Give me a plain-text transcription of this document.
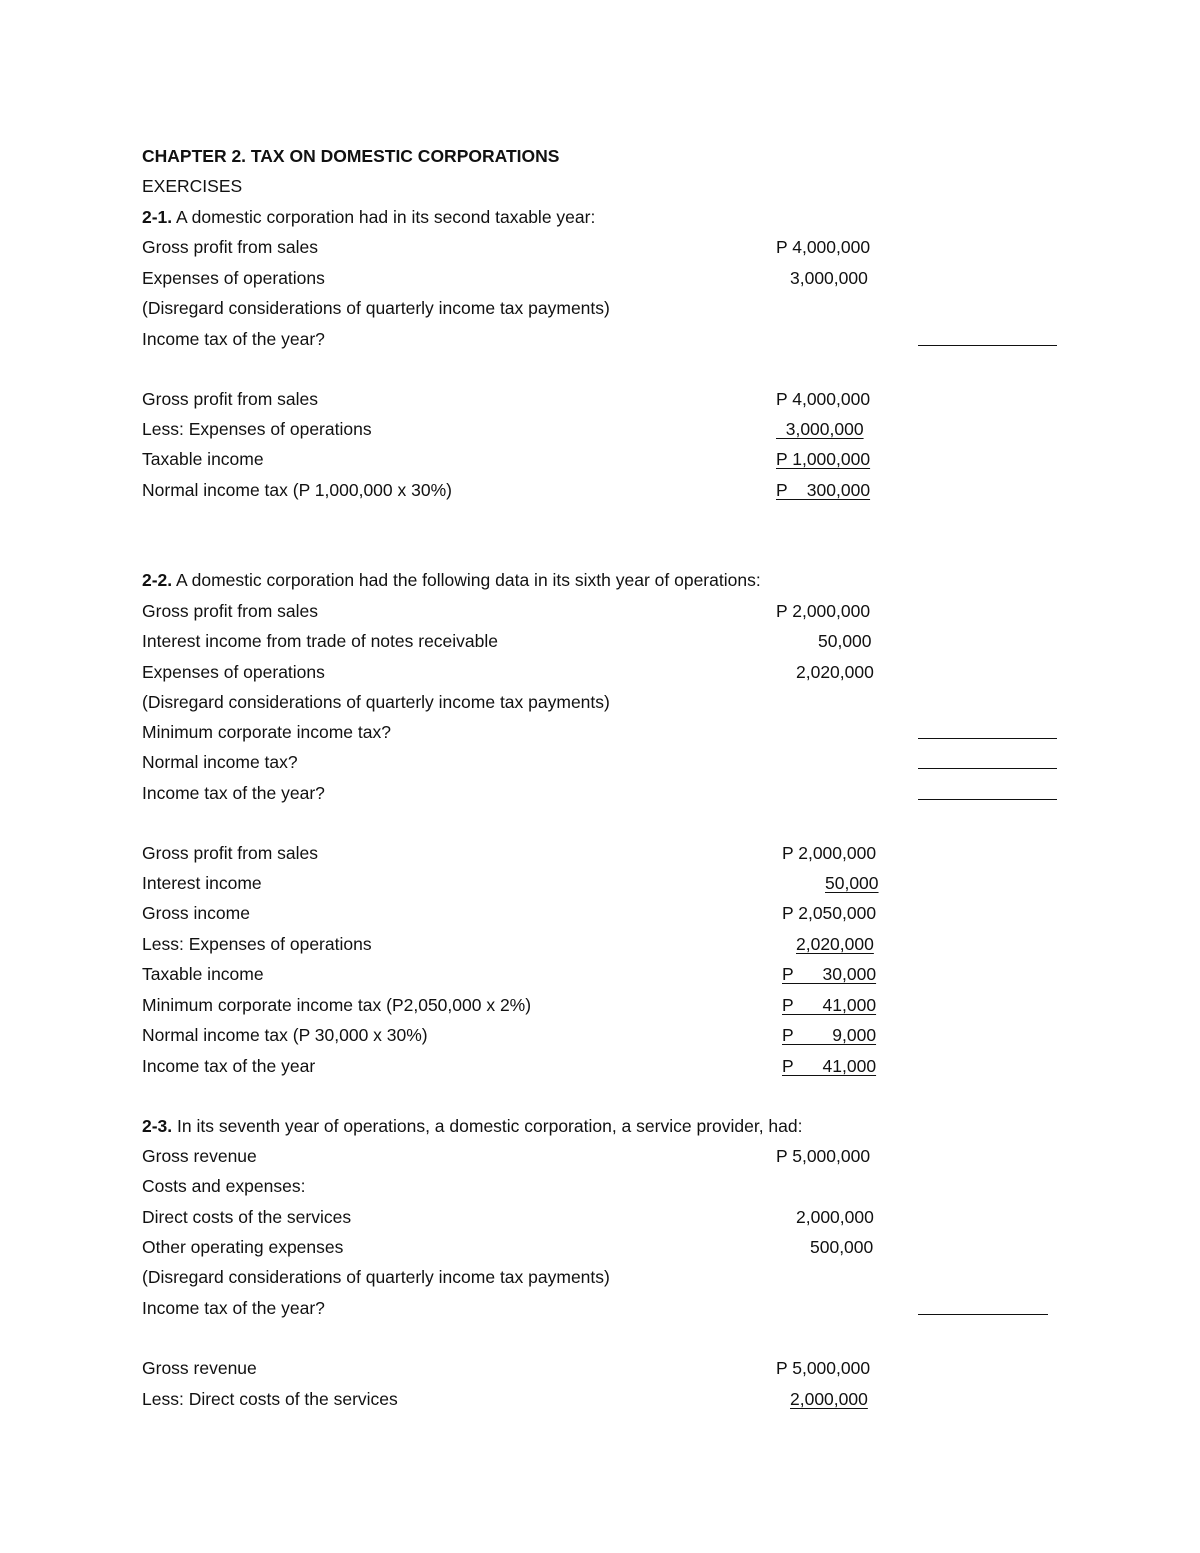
CHAPTER 2. TAX ON DOMESTIC CORPORATIONS
EXERCISES
2-1. A domestic corporation had in its second taxable year:
Gross profit from sales	P 4,000,000
Expenses of operations	3,000,000
(Disregard considerations of quarterly income tax payments)
Income tax of the year?
Gross profit from sales	P 4,000,000
Less: Expenses of operations	3,000,000
Taxable income	P 1,000,000
Normal income tax (P 1,000,000 x 30%)	P    300,000
2-2. A domestic corporation had the following data in its sixth year of operations:
Gross profit from sales	P 2,000,000
Interest income from trade of notes receivable	50,000
Expenses of operations	2,020,000
(Disregard considerations of quarterly income tax payments)
Minimum corporate income tax?
Normal income tax?
Income tax of the year?
Gross profit from sales	P 2,000,000
Interest income	50,000
Gross income	P 2,050,000
Less: Expenses of operations	2,020,000
Taxable income	P      30,000
Minimum corporate income tax (P2,050,000 x 2%)	P      41,000
Normal income tax (P 30,000 x 30%)	P        9,000
Income tax of the year	P      41,000
2-3. In its seventh year of operations, a domestic corporation, a service provider, had:
Gross revenue	P 5,000,000
Costs and expenses:
Direct costs of the services	2,000,000
Other operating expenses	500,000
(Disregard considerations of quarterly income tax payments)
Income tax of the year?
Gross revenue	P 5,000,000
Less: Direct costs of the services	2,000,000
